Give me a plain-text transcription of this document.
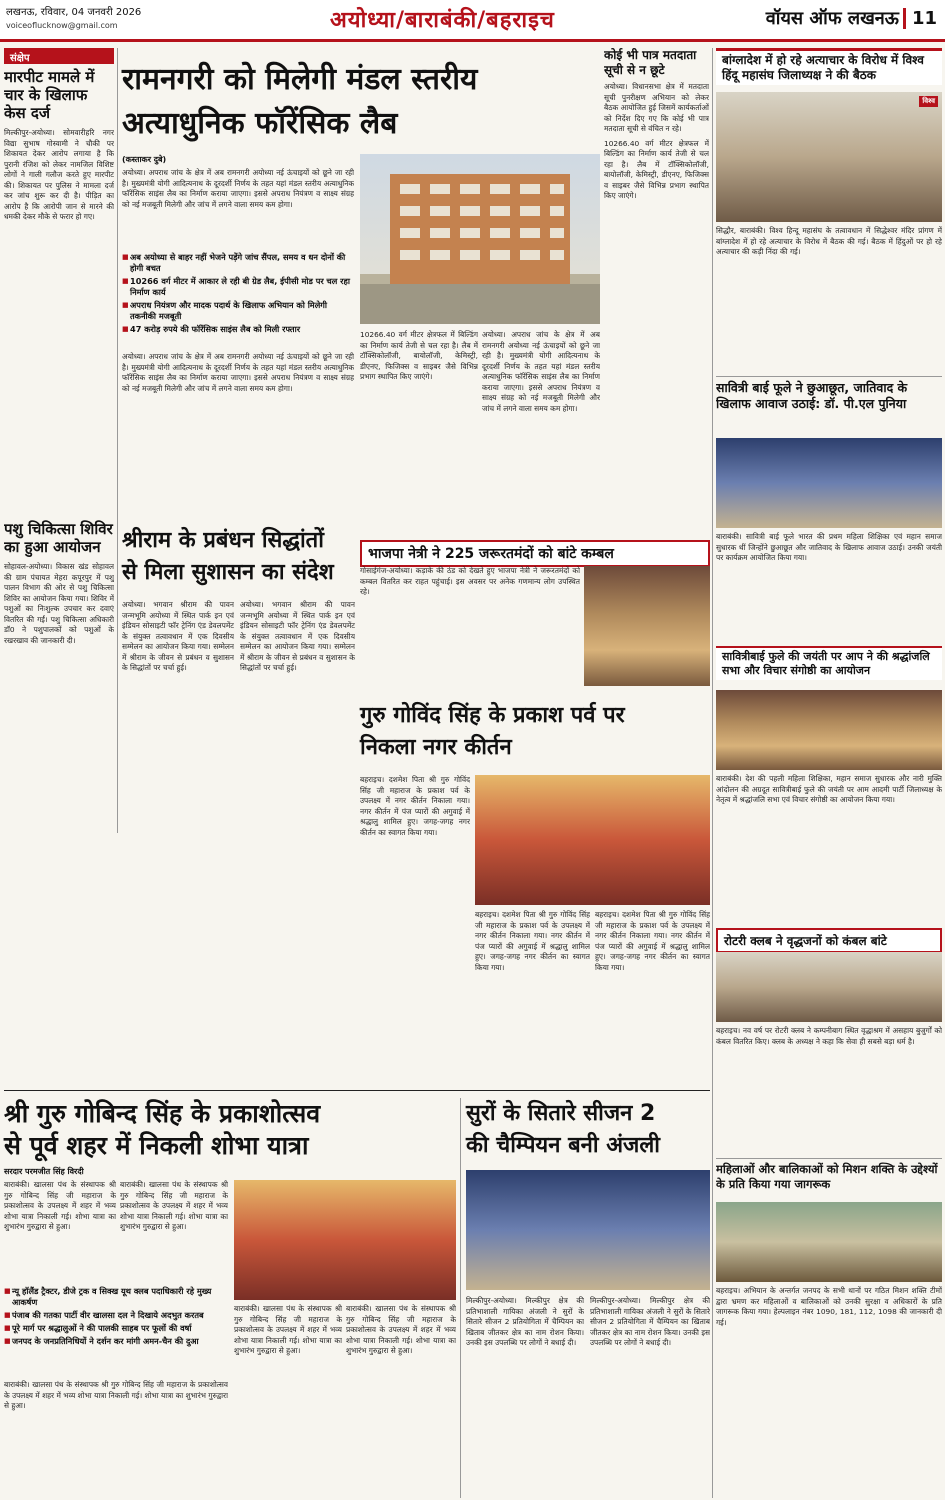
लखनऊ, रविवार, 04 जनवरी 2026
voiceoflucknow@gmail.com	अयोध्या/बाराबंकी/बहराइच	वॉयस ऑफ लखनऊ 11
संक्षेप
मारपीट मामले में चार के खिलाफ केस दर्ज
मिल्कीपुर-अयोध्या। सोमवारीहरि नगर विद्या सुभाष गोस्वामी ने चौकी पर शिकायत देकर आरोप लगाया है कि पुरानी रंजिश को लेकर नामजिल विशिष्ट लोगों ने गाली गलौज करते हुए मारपीट की। शिकायत पर पुलिस ने मामला दर्ज कर जांच शुरू कर दी है। पीड़ित का आरोप है कि आरोपी जान से मारने की धमकी देकर मौके से फरार हो गए।
पशु चिकित्सा शिविर का हुआ आयोजन
सोहावल-अयोध्या। विकास खंड सोहावल की ग्राम पंचायत मेहरा कपूरपुर में पशु पालन विभाग की ओर से पशु चिकित्सा शिविर का आयोजन किया गया। शिविर में पशुओं का निःशुल्क उपचार कर दवाएं वितरित की गईं। पशु चिकित्सा अधिकारी डॉ0 ने पशुपालकों को पशुओं के रखरखाव की जानकारी दी।
रामनगरी को मिलेगी मंडल स्तरीय
अत्याधुनिक फॉरेंसिक लैब
(कस्ताकर दुबे)
अयोध्या। अपराध जांच के क्षेत्र में अब रामनगरी अयोध्या नई ऊंचाइयों को छूने जा रही है। मुख्यमंत्री योगी आदित्यनाथ के दूरदर्शी निर्णय के तहत यहां मंडल स्तरीय अत्याधुनिक फॉरेंसिक साइंस लैब का निर्माण कराया जाएगा। इससे अपराध नियंत्रण व साक्ष्य संग्रह को नई मजबूती मिलेगी और जांच में लगने वाला समय कम होगा।
■ अब अयोध्या से बाहर नहीं भेजने पड़ेंगे जांच सैंपल, समय व धन दोनों की होगी बचत
■ 10266 वर्ग मीटर में आकार ले रही बी ग्रेड लैब, ईपीसी मोड पर चल रहा निर्माण कार्य
■ अपराध नियंत्रण और मादक पदार्थ के खिलाफ अभियान को मिलेगी तकनीकी मजबूती
■ 47 करोड़ रुपये की फॉरेंसिक साइंस लैब को मिली रफ्तार
अयोध्या। अपराध जांच के क्षेत्र में अब रामनगरी अयोध्या नई ऊंचाइयों को छूने जा रही है। मुख्यमंत्री योगी आदित्यनाथ के दूरदर्शी निर्णय के तहत यहां मंडल स्तरीय अत्याधुनिक फॉरेंसिक साइंस लैब का निर्माण कराया जाएगा। इससे अपराध नियंत्रण व साक्ष्य संग्रह को नई मजबूती मिलेगी और जांच में लगने वाला समय कम होगा।
10266.40 वर्ग मीटर क्षेत्रफल में बिल्डिंग का निर्माण कार्य तेजी से चल रहा है। लैब में टॉक्सिकोलॉजी, बायोलॉजी, केमिस्ट्री, डीएनए, फिजिक्स व साइबर जैसे विभिन्न प्रभाग स्थापित किए जाएंगे।
अयोध्या। अपराध जांच के क्षेत्र में अब रामनगरी अयोध्या नई ऊंचाइयों को छूने जा रही है। मुख्यमंत्री योगी आदित्यनाथ के दूरदर्शी निर्णय के तहत यहां मंडल स्तरीय अत्याधुनिक फॉरेंसिक साइंस लैब का निर्माण कराया जाएगा। इससे अपराध नियंत्रण व साक्ष्य संग्रह को नई मजबूती मिलेगी और जांच में लगने वाला समय कम होगा।
कोई भी पात्र मतदाता सूची से न छूटे
अयोध्या। विधानसभा क्षेत्र में मतदाता सूची पुनरीक्षण अभियान को लेकर बैठक आयोजित हुई जिसमें कार्यकर्ताओं को निर्देश दिए गए कि कोई भी पात्र मतदाता सूची से वंचित न रहे।
10266.40 वर्ग मीटर क्षेत्रफल में बिल्डिंग का निर्माण कार्य तेजी से चल रहा है। लैब में टॉक्सिकोलॉजी, बायोलॉजी, केमिस्ट्री, डीएनए, फिजिक्स व साइबर जैसे विभिन्न प्रभाग स्थापित किए जाएंगे।
भाजपा नेत्री ने 225 जरूरतमंदों को बांटे कम्बल
गोसाईगंज-अयोध्या। कड़ाके की ठंड को देखते हुए भाजपा नेत्री ने जरूरतमंदों को कम्बल वितरित कर राहत पहुंचाई। इस अवसर पर अनेक गणमान्य लोग उपस्थित रहे।
श्रीराम के प्रबंधन सिद्धांतों
से मिला सुशासन का संदेश
अयोध्या। भगवान श्रीराम की पावन जन्मभूमि अयोध्या में स्थित पार्क इन एवं इंडियन सोसाइटी फॉर ट्रेनिंग एंड डेवलपमेंट के संयुक्त तत्वावधान में एक दिवसीय सम्मेलन का आयोजन किया गया। सम्मेलन में श्रीराम के जीवन से प्रबंधन व सुशासन के सिद्धांतों पर चर्चा हुई।
अयोध्या। भगवान श्रीराम की पावन जन्मभूमि अयोध्या में स्थित पार्क इन एवं इंडियन सोसाइटी फॉर ट्रेनिंग एंड डेवलपमेंट के संयुक्त तत्वावधान में एक दिवसीय सम्मेलन का आयोजन किया गया। सम्मेलन में श्रीराम के जीवन से प्रबंधन व सुशासन के सिद्धांतों पर चर्चा हुई।
गुरु गोविंद सिंह के प्रकाश पर्व पर
निकला नगर कीर्तन
बहराइच। दशमेश पिता श्री गुरु गोविंद सिंह जी महाराज के प्रकाश पर्व के उपलक्ष्य में नगर कीर्तन निकाला गया। नगर कीर्तन में पंज प्यारों की अगुवाई में श्रद्धालु शामिल हुए। जगह-जगह नगर कीर्तन का स्वागत किया गया।
बहराइच। दशमेश पिता श्री गुरु गोविंद सिंह जी महाराज के प्रकाश पर्व के उपलक्ष्य में नगर कीर्तन निकाला गया। नगर कीर्तन में पंज प्यारों की अगुवाई में श्रद्धालु शामिल हुए। जगह-जगह नगर कीर्तन का स्वागत किया गया।
बहराइच। दशमेश पिता श्री गुरु गोविंद सिंह जी महाराज के प्रकाश पर्व के उपलक्ष्य में नगर कीर्तन निकाला गया। नगर कीर्तन में पंज प्यारों की अगुवाई में श्रद्धालु शामिल हुए। जगह-जगह नगर कीर्तन का स्वागत किया गया।
बांग्लादेश में हो रहे अत्याचार के विरोध में विश्व हिंदू महासंघ जिलाध्यक्ष ने की बैठक
विश्व
सिद्धौर, बाराबंकी। विश्व हिन्दू महासंघ के तत्वावधान में सिद्धेश्वर मंदिर प्रांगण में बांग्लादेश में हो रहे अत्याचार के विरोध में बैठक की गई। बैठक में हिंदुओं पर हो रहे अत्याचार की कड़ी निंदा की गई।
सावित्री बाई फूले ने छुआछूत, जातिवाद के खिलाफ आवाज उठाई: डॉ. पी.एल पुनिया
बाराबंकी। सावित्री बाई फूले भारत की प्रथम महिला शिक्षिका एवं महान समाज सुधारक थीं जिन्होंने छुआछूत और जातिवाद के खिलाफ आवाज उठाई। उनकी जयंती पर कार्यक्रम आयोजित किया गया।
सावित्रीबाई फुले की जयंती पर आप ने की श्रद्धांजलि सभा और विचार संगोष्ठी का आयोजन
बाराबंकी। देश की पहली महिला शिक्षिका, महान समाज सुधारक और नारी मुक्ति आंदोलन की अग्रदूत सावित्रीबाई फुले की जयंती पर आम आदमी पार्टी जिलाध्यक्ष के नेतृत्व में श्रद्धांजलि सभा एवं विचार संगोष्ठी का आयोजन किया गया।
रोटरी क्लब ने वृद्धजनों को कंबल बांटे
बहराइच। नव वर्ष पर रोटरी क्लब ने कम्पनीबाग स्थित वृद्धाश्रम में असहाय बुजुर्गों को कंबल वितरित किए। क्लब के अध्यक्ष ने कहा कि सेवा ही सबसे बड़ा धर्म है।
महिलाओं और बालिकाओं को मिशन शक्ति के उद्देश्यों के प्रति किया गया जागरूक
बहराइच। अभियान के अन्तर्गत जनपद के सभी थानों पर गठित मिशन शक्ति टीमों द्वारा भ्रमण कर महिलाओं व बालिकाओं को उनकी सुरक्षा व अधिकारों के प्रति जागरूक किया गया। हेल्पलाइन नंबर 1090, 181, 112, 1098 की जानकारी दी गई।
श्री गुरु गोबिन्द सिंह के प्रकाशोत्सव
से पूर्व शहर में निकली शोभा यात्रा
सरदार परमजीत सिंह विरदी
बाराबंकी। खालसा पंथ के संस्थापक श्री गुरु गोबिन्द सिंह जी महाराज के प्रकाशोत्सव के उपलक्ष्य में शहर में भव्य शोभा यात्रा निकाली गई। शोभा यात्रा का शुभारंभ गुरुद्वारा से हुआ।
बाराबंकी। खालसा पंथ के संस्थापक श्री गुरु गोबिन्द सिंह जी महाराज के प्रकाशोत्सव के उपलक्ष्य में शहर में भव्य शोभा यात्रा निकाली गई। शोभा यात्रा का शुभारंभ गुरुद्वारा से हुआ।
■ न्यू हॉलैंड ट्रैक्टर, डीजे ट्रक व सिक्ख यूथ क्लब पदाधिकारी रहे मुख्य आकर्षण
■ पंजाब की गतका पार्टी वीर खालसा दल ने दिखाये अदभुत करतब
■ पूरे मार्ग पर श्रद्धालुओं ने की पालकी साहब पर फूलों की वर्षा
■ जनपद के जनप्रतिनिधियों ने दर्शन कर मांगी अमन-चैन की दुआ
बाराबंकी। खालसा पंथ के संस्थापक श्री गुरु गोबिन्द सिंह जी महाराज के प्रकाशोत्सव के उपलक्ष्य में शहर में भव्य शोभा यात्रा निकाली गई। शोभा यात्रा का शुभारंभ गुरुद्वारा से हुआ।
बाराबंकी। खालसा पंथ के संस्थापक श्री गुरु गोबिन्द सिंह जी महाराज के प्रकाशोत्सव के उपलक्ष्य में शहर में भव्य शोभा यात्रा निकाली गई। शोभा यात्रा का शुभारंभ गुरुद्वारा से हुआ।
बाराबंकी। खालसा पंथ के संस्थापक श्री गुरु गोबिन्द सिंह जी महाराज के प्रकाशोत्सव के उपलक्ष्य में शहर में भव्य शोभा यात्रा निकाली गई। शोभा यात्रा का शुभारंभ गुरुद्वारा से हुआ।
सुरों के सितारे सीजन 2
की चैम्पियन बनी अंजली
मिल्कीपुर-अयोध्या। मिल्कीपुर क्षेत्र की प्रतिभाशाली गायिका अंजली ने सुरों के सितारे सीजन 2 प्रतियोगिता में चैम्पियन का खिताब जीतकर क्षेत्र का नाम रोशन किया। उनकी इस उपलब्धि पर लोगों ने बधाई दी।
मिल्कीपुर-अयोध्या। मिल्कीपुर क्षेत्र की प्रतिभाशाली गायिका अंजली ने सुरों के सितारे सीजन 2 प्रतियोगिता में चैम्पियन का खिताब जीतकर क्षेत्र का नाम रोशन किया। उनकी इस उपलब्धि पर लोगों ने बधाई दी।
